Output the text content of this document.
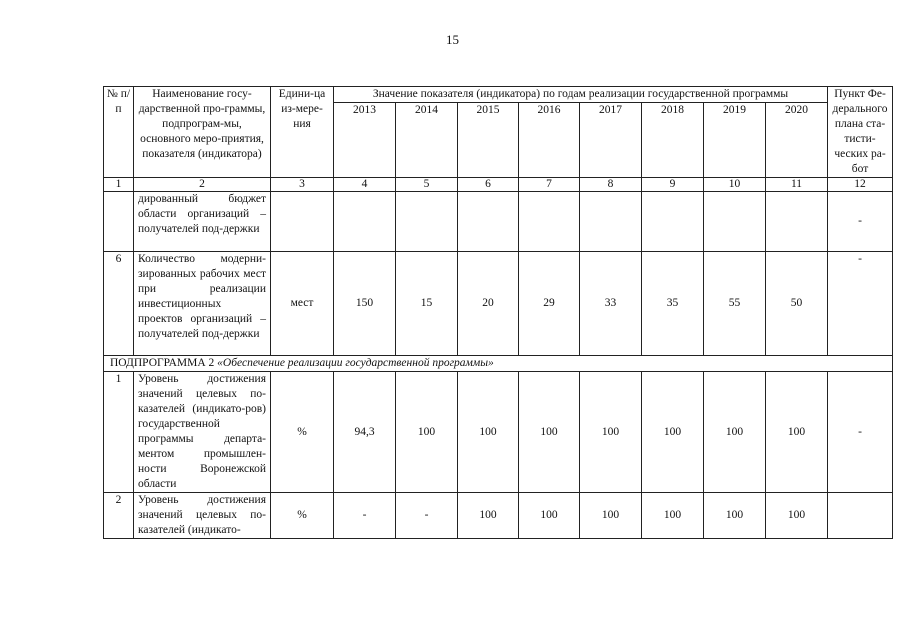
15
№ п/п	Наименование госу-дарственной про-граммы, подпрограм-мы, основного меро-приятия, показателя (индикатора)	Едини-ца из-мере-ния	Значение показателя (индикатора) по годам реализации государственной программы								Пункт Фе-дерального плана ста-тисти-ческих ра-бот
			2013	2014	2015	2016	2017	2018	2019	2020	
1	2	3	4	5	6	7	8	9	10	11	12
	дированный бюджет области организаций – получателей под-держки										-
6	Количество модерни-зированных рабочих мест при реализации инвестиционных проектов организаций – получателей под-держки	мест	150	15	20	29	33	35	55	50	-
ПОДПРОГРАММА 2 «Обеспечение реализации государственной программы»											
1	Уровень достижения значений целевых по-казателей (индикато-ров) государственной программы департа-ментом промышлен-ности Воронежской области	%	94,3	100	100	100	100	100	100	100	-
2	Уровень достижения значений целевых по-казателей (индикато-	%	-	-	100	100	100	100	100	100	
